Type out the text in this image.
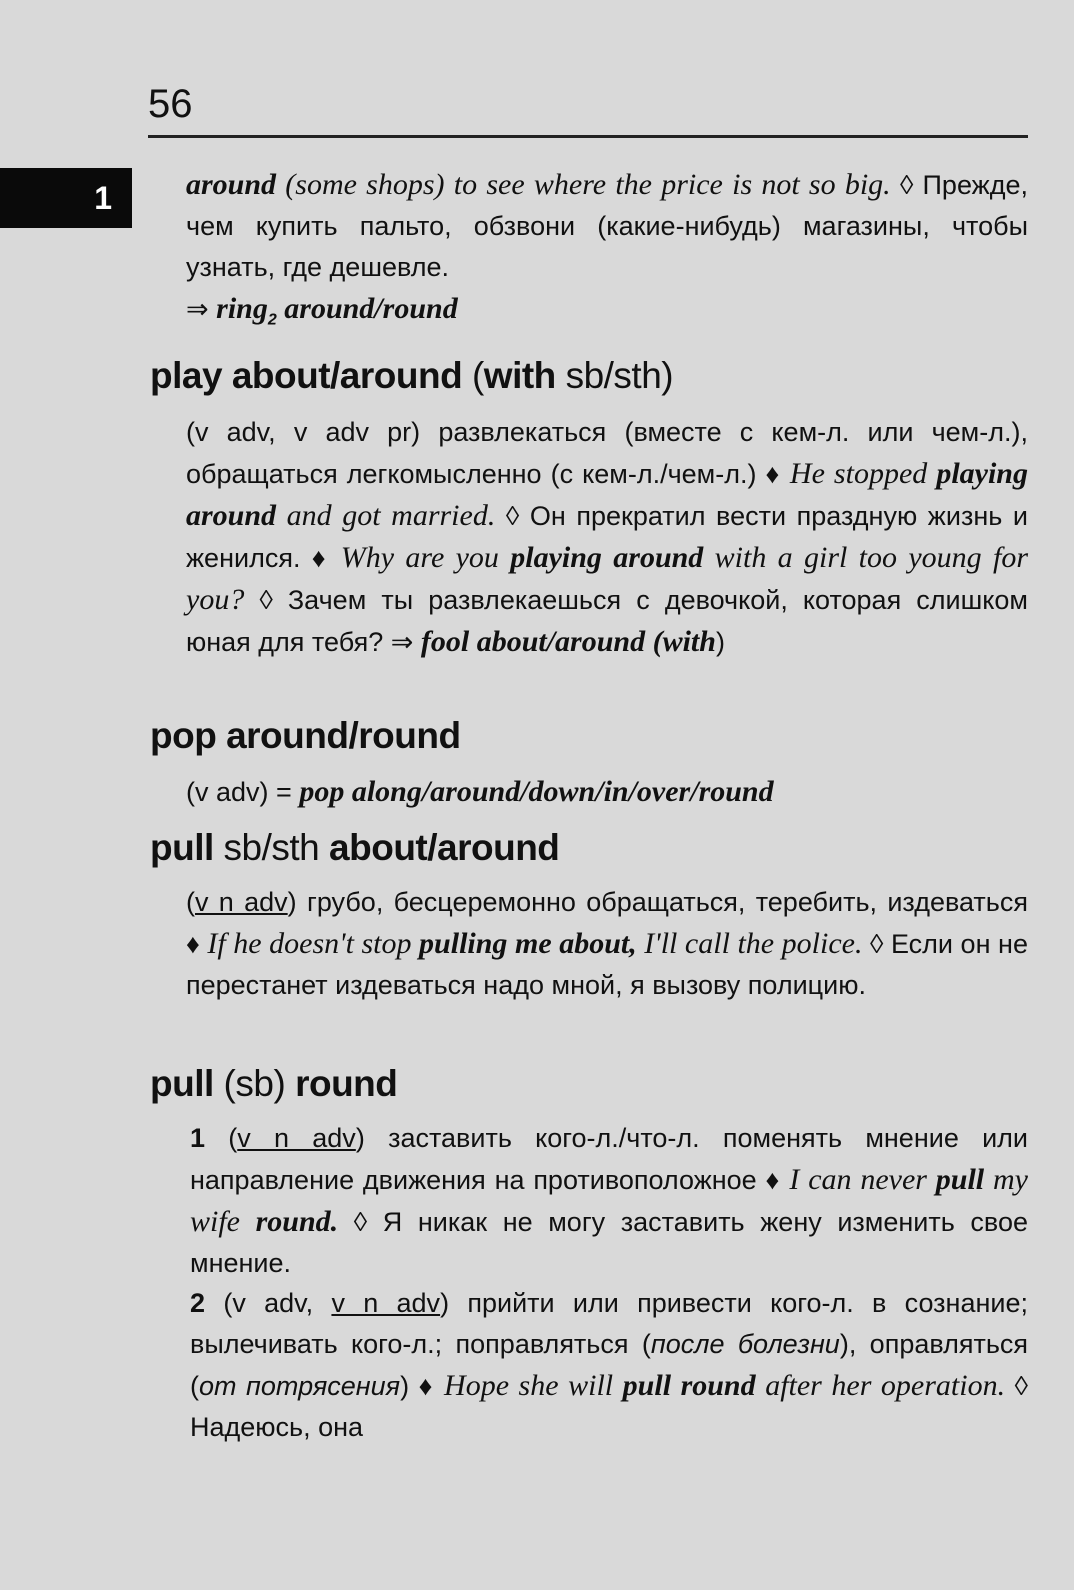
56
1 around (some shops) to see where the price is not so big. ◊ Прежде, чем купить пальто, обзвони (какие-нибудь) магазины, чтобы узнать, где дешевле.
⇒ ring$_2$ around/round
play about/around (with sb/sth)
(v adv, v adv pr) развлекаться (вместе с кем-л. или чем-л.), обращаться легкомысленно (с кем-л./чем-л.) ♦ He stopped playing around and got married. ◊ Он прекратил вести праздную жизнь и женился. ♦ Why are you playing around with a girl too young for you? ◊ Зачем ты развлекаешься с девочкой, которая слишком юная для тебя? ⇒ fool about/around (with)
pop around/round
(v adv) = pop along/around/down/in/over/round
pull sb/sth about/around
(v n adv) грубо, бесцеремонно обращаться, теребить, издеваться ♦ If he doesn't stop pulling me about, I'll call the police. ◊ Если он не перестанет издеваться надо мной, я вызову полицию.
pull (sb) round
1 (v n adv) заставить кого-л./что-л. поменять мнение или направление движения на противоположное ♦ I can never pull my wife round. ◊ Я никак не могу заставить жену изменить свое мнение.
2 (v adv, v n adv) прийти или привести кого-л. в сознание; вылечивать кого-л.; поправляться (после болезни), оправляться (от потрясения) ♦ Hope she will pull round after her operation. ◊ Надеюсь, она
